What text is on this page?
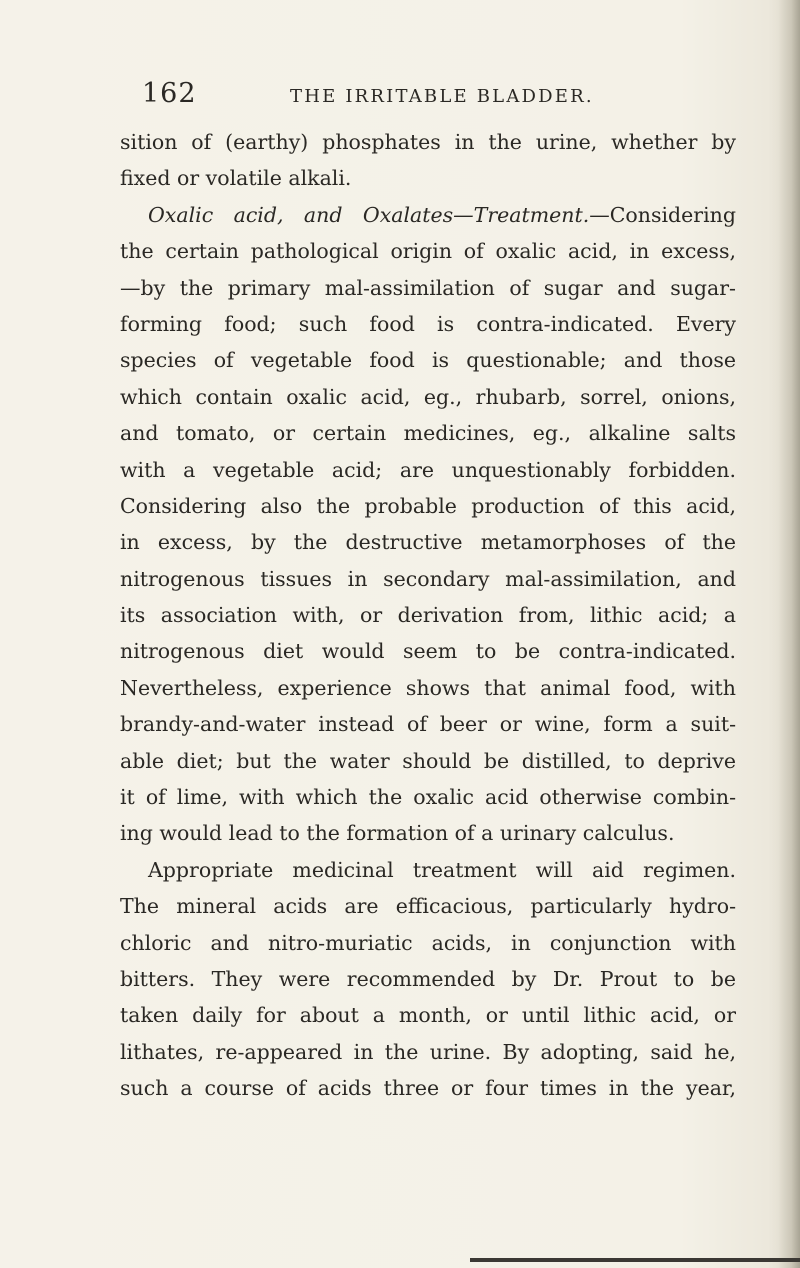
162	THE IRRITABLE BLADDER.
sition of (earthy) phosphates in the urine, whether by
fixed or volatile alkali.
Oxalic acid, and Oxalates—Treatment.—Considering
the certain pathological origin of oxalic acid, in excess,
—by the primary mal-assimilation of sugar and sugar-
forming food; such food is contra-indicated. Every
species of vegetable food is questionable; and those
which contain oxalic acid, eg., rhubarb, sorrel, onions,
and tomato, or certain medicines, eg., alkaline salts
with a vegetable acid; are unquestionably forbidden.
Considering also the probable production of this acid,
in excess, by the destructive metamorphoses of the
nitrogenous tissues in secondary mal-assimilation, and
its association with, or derivation from, lithic acid; a
nitrogenous diet would seem to be contra-indicated.
Nevertheless, experience shows that animal food, with
brandy-and-water instead of beer or wine, form a suit-
able diet; but the water should be distilled, to deprive
it of lime, with which the oxalic acid otherwise combin-
ing would lead to the formation of a urinary calculus.
Appropriate medicinal treatment will aid regimen.
The mineral acids are efficacious, particularly hydro-
chloric and nitro-muriatic acids, in conjunction with
bitters. They were recommended by Dr. Prout to be
taken daily for about a month, or until lithic acid, or
lithates, re-appeared in the urine. By adopting, said he,
such a course of acids three or four times in the year,
